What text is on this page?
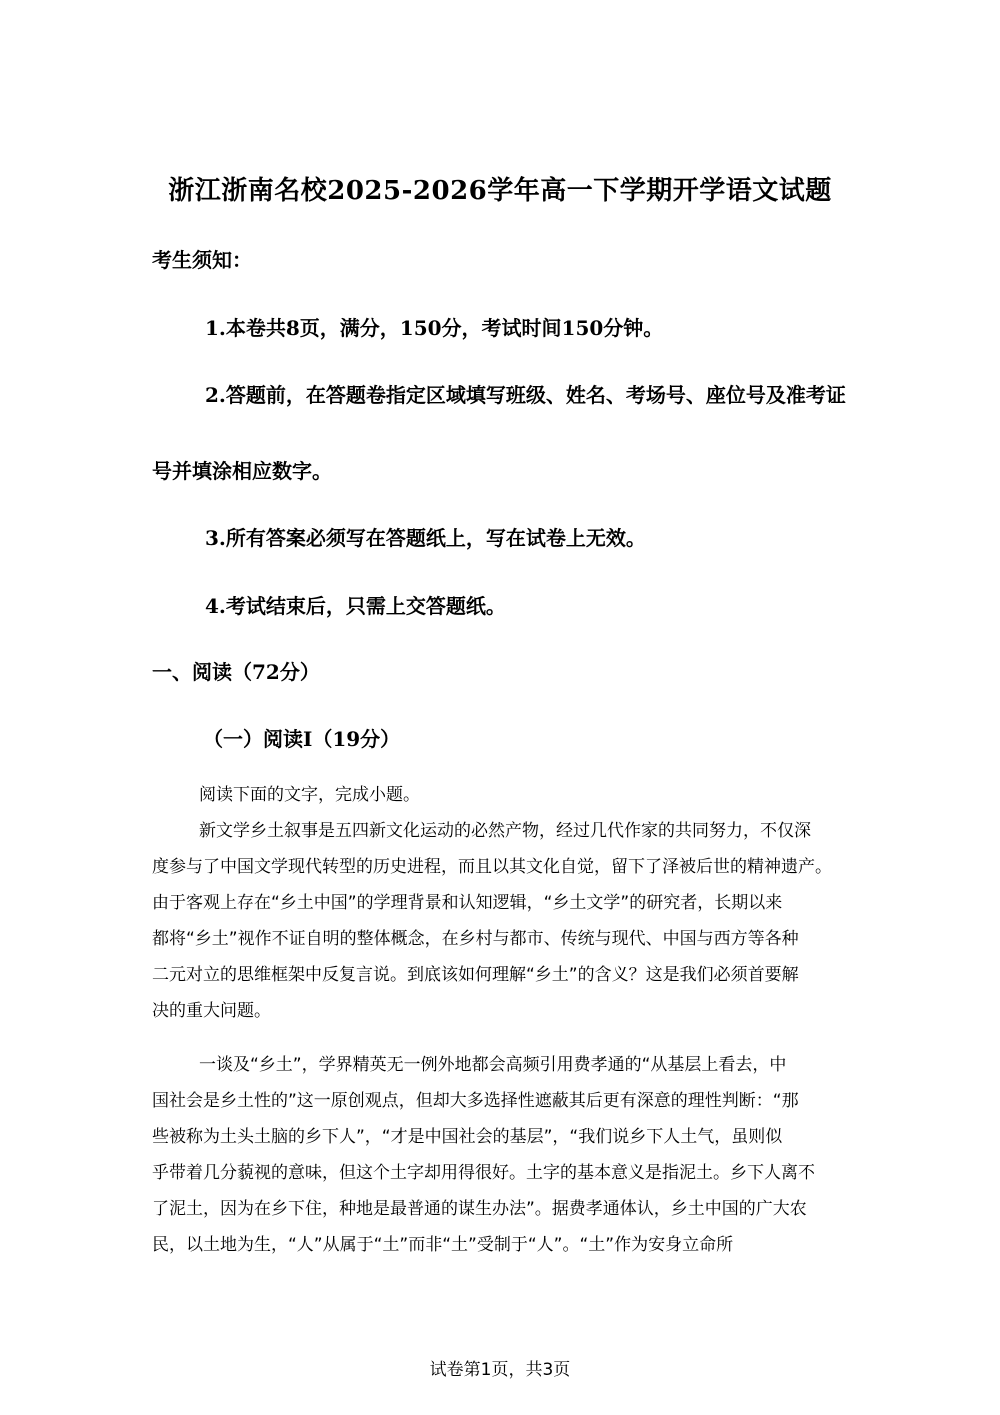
浙江浙南名校2025-2026学年高一下学期开学语文试题
考生须知：
1.本卷共8页，满分，150分，考试时间150分钟。
2.答题前，在答题卷指定区域填写班级、姓名、考场号、座位号及准考证
号并填涂相应数字。
3.所有答案必须写在答题纸上，写在试卷上无效。
4.考试结束后，只需上交答题纸。
一、阅读（72分）
（一）阅读Ⅰ（19分）
阅读下面的文字，完成小题。
新文学乡土叙事是五四新文化运动的必然产物，经过几代作家的共同努力，不仅深
度参与了中国文学现代转型的历史进程，而且以其文化自觉，留下了泽被后世的精神遗产。
由于客观上存在“乡土中国”的学理背景和认知逻辑，“乡土文学”的研究者，长期以来
都将“乡土”视作不证自明的整体概念，在乡村与都市、传统与现代、中国与西方等各种
二元对立的思维框架中反复言说。到底该如何理解“乡土”的含义？这是我们必须首要解
决的重大问题。
一谈及“乡土”，学界精英无一例外地都会高频引用费孝通的“从基层上看去，中
国社会是乡土性的”这一原创观点，但却大多选择性遮蔽其后更有深意的理性判断：“那
些被称为土头土脑的乡下人”，“才是中国社会的基层”，“我们说乡下人土气，虽则似
乎带着几分藐视的意味，但这个土字却用得很好。土字的基本意义是指泥土。乡下人离不
了泥土，因为在乡下住，种地是最普通的谋生办法”。据费孝通体认，乡土中国的广大农
民，以土地为生，“人”从属于“土”而非“土”受制于“人”。“土”作为安身立命所
试卷第1页，共3页
